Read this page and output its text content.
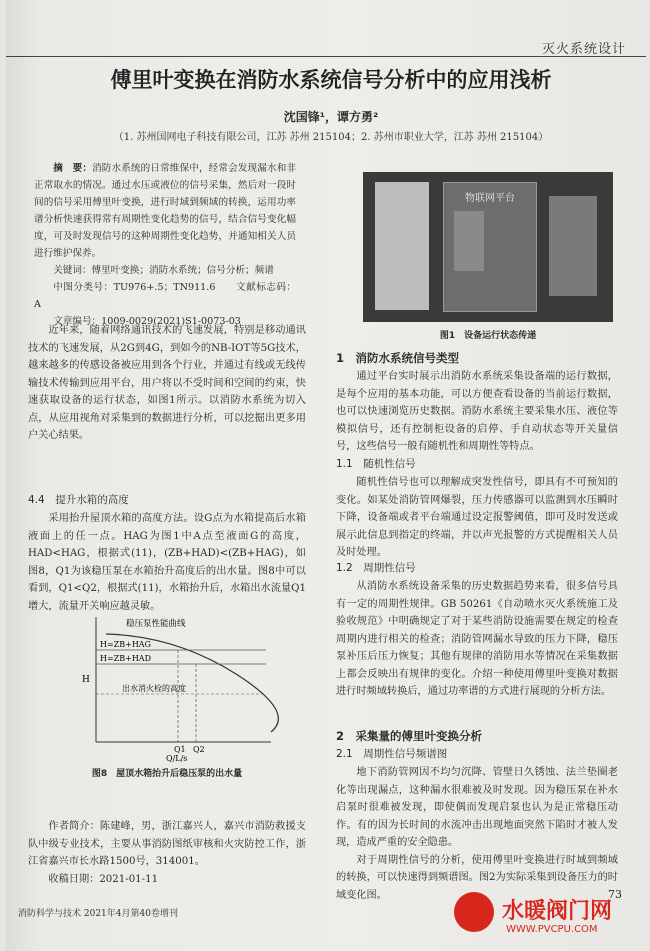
灭火系统设计
傅里叶变换在消防水系统信号分析中的应用浅析
沈国锋¹，谭方勇²
（1. 苏州国网电子科技有限公司，江苏 苏州 215104；2. 苏州市职业大学，江苏 苏州 215104）
摘　要：消防水系统的日常维保中，经常会发现漏水和非正常取水的情况。通过水压或液位的信号采集，然后对一段时间的信号采用傅里叶变换，进行时域到频域的转换，运用功率谱分析快速获得常有周期性变化趋势的信号，结合信号变化幅度，可及时发现信号的这种周期性变化趋势，并通知相关人员进行维护保养。
关键词：傅里叶变换；消防水系统；信号分析；频谱
中图分类号：TU976+.5；TN911.6　　文献标志码：A
文章编号：1009-0029(2021)S1-0073-03

近年来，随着网络通讯技术的飞速发展，特别是移动通讯技术的飞速发展，从2G到4G，到如今的NB-IOT等5G技术，越来越多的传感设备被应用到各个行业，并通过有线或无线传输技术传输到应用平台，用户将以不受时间和空间的约束，快速获取设备的运行状态，如图1所示。以消防水系统为切入点，从应用视角对采集到的数据进行分析，可以挖掘出更多用户关心结果。

4.4　提升水箱的高度

采用抬升屋顶水箱的高度方法。设G点为水箱提高后水箱液面上的任一点。HAG为图1中A点至液面G的高度，HAD<HAG，根据式(11)，(ZB+HAD)<(ZB+HAG)，如图8，Q1为该稳压泵在水箱抬升高度后的出水量。图8中可以看到，Q1<Q2，根据式(11)，水箱抬升后，水箱出水流量Q1增大，流量开关响应越灵敏。

稳压泵性能曲线
H=ZB+HAG
H=ZB+HAD
出水消火栓的高度
H
Q1 Q2
Q/L/s
图8　屋顶水箱抬升后稳压泵的出水量

作者简介：陈建峰，男，浙江嘉兴人，嘉兴市消防救援支队中级专业技术，主要从事消防图纸审核和火灾防控工作，浙江省嘉兴市长水路1500号，314001。

收稿日期：2021-01-11

物联网平台
图1　设备运行状态传递
1　消防水系统信号类型

通过平台实时展示出消防水系统采集设备端的运行数据，是每个应用的基本功能，可以方便查看设备的当前运行数据，也可以快速浏览历史数据。消防水系统主要采集水压、液位等模拟信号，还有控制柜设备的启停、手自动状态等开关量信号，这些信号一般有随机性和周期性等特点。

1.1　随机性信号

随机性信号也可以理解成突发性信号，即具有不可预知的变化。如某处消防管网爆裂，压力传感器可以监测到水压瞬时下降，设备端或者平台端通过设定报警阈值，即可及时发送或展示此信息到指定的终端，并以声光报警的方式提醒相关人员及时处理。

1.2　周期性信号

从消防水系统设备采集的历史数据趋势来看，很多信号具有一定的周期性规律。GB 50261《自动喷水灭火系统施工及验收规范》中明确规定了对于某些消防设施需要在规定的检查周期内进行相关的检查；消防管网漏水导致的压力下降，稳压泵补压后压力恢复；其他有规律的消防用水等情况在采集数据上都会反映出有规律的变化。介绍一种使用傅里叶变换对数据进行时频域转换后，通过功率谱的方式进行展现的分析方法。

2　采集量的傅里叶变换分析
2.1　周期性信号频谱图

地下消防管网因不均匀沉降、管壁日久锈蚀、法兰垫圈老化等出现漏点，这种漏水很难被及时发现。因为稳压泵在补水启泵时很难被发现，即使偶而发现启泵也认为是正常稳压动作。有的因为长时间的水流冲击出现地面突然下陷时才被人发现，造成严重的安全隐患。

对于周期性信号的分析，使用傅里叶变换进行时域到频域的转换，可以快速得到频谱图。图2为实际采集到设备压力的时域变化图。	73
消防科学与技术 2021年4月第40卷增刊	水暖阀门网
WWW.PVCPU.COM
